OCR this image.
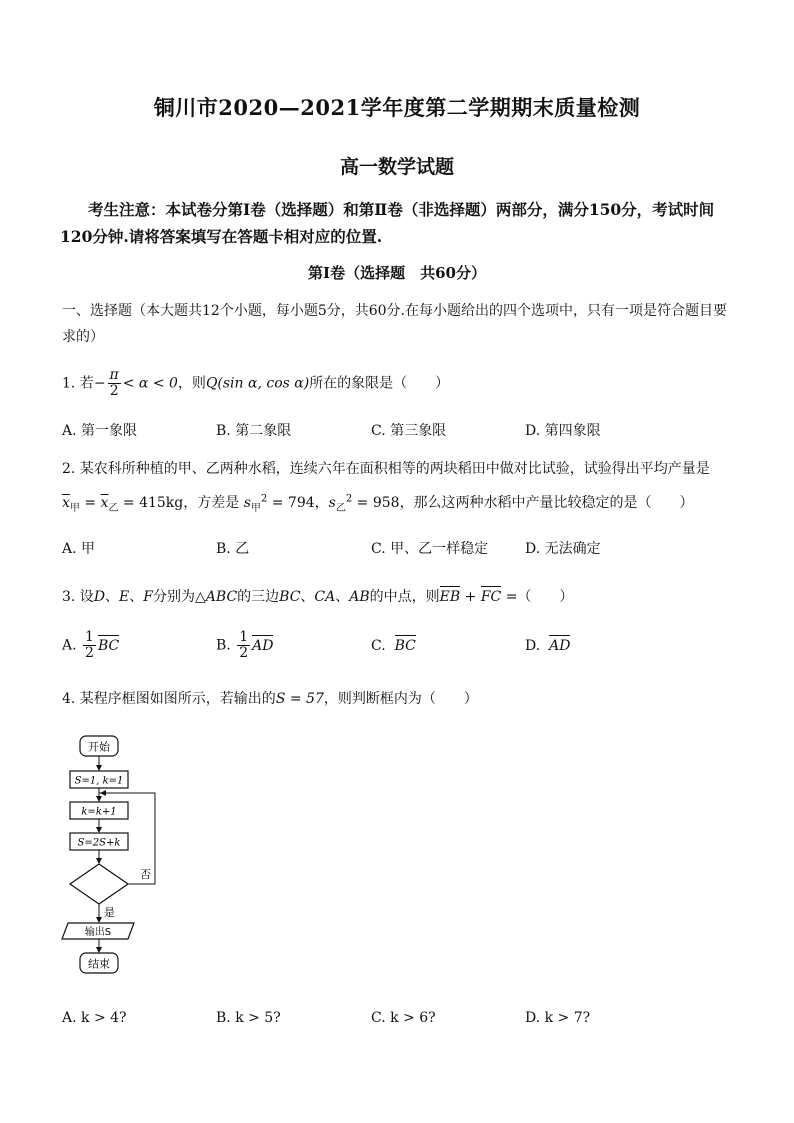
铜川市2020—2021学年度第二学期期末质量检测
高一数学试题
考生注意：本试卷分第Ⅰ卷（选择题）和第Ⅱ卷（非选择题）两部分，满分150分，考试时间120分钟.请将答案填写在答题卡相对应的位置.
第Ⅰ卷（选择题　共60分）
一、选择题（本大题共12个小题，每小题5分，共60分.在每小题给出的四个选项中，只有一项是符合题目要求的）
1. 若− $\frac{\pi}{2} < \alpha < 0$，则Q(sin α, cos α)所在的象限是（　　）
A. 第一象限	B. 第二象限	C. 第三象限	D. 第四象限
2. 某农科所种植的甲、乙两种水稻，连续六年在面积相等的两块稻田中做对比试验，试验得出平均产量是
$\overline{x}_甲 = \overline{x}_乙 = 415kg$，方差是 $s_甲^2 = 794$，$s_乙^2 = 958$，那么这两种水稻中产量比较稳定的是（　　）
A. 甲	B. 乙	C. 甲、乙一样稳定	D. 无法确定
3. 设D、E、F分别为△ABC的三边BC、CA、AB的中点，则EB + FC =（　　）
A. $\frac{1}{2}$ BC	B. $\frac{1}{2}$ AD	C. BC	D. AD
4. 某程序框图如图所示，若输出的S = 57，则判断框内为（　　）
开始
S=1, k=1
k=k+1
S=2S+k
否
是
输出S
结束
A. k > 4?	B. k > 5?	C. k > 6?	D. k > 7?
